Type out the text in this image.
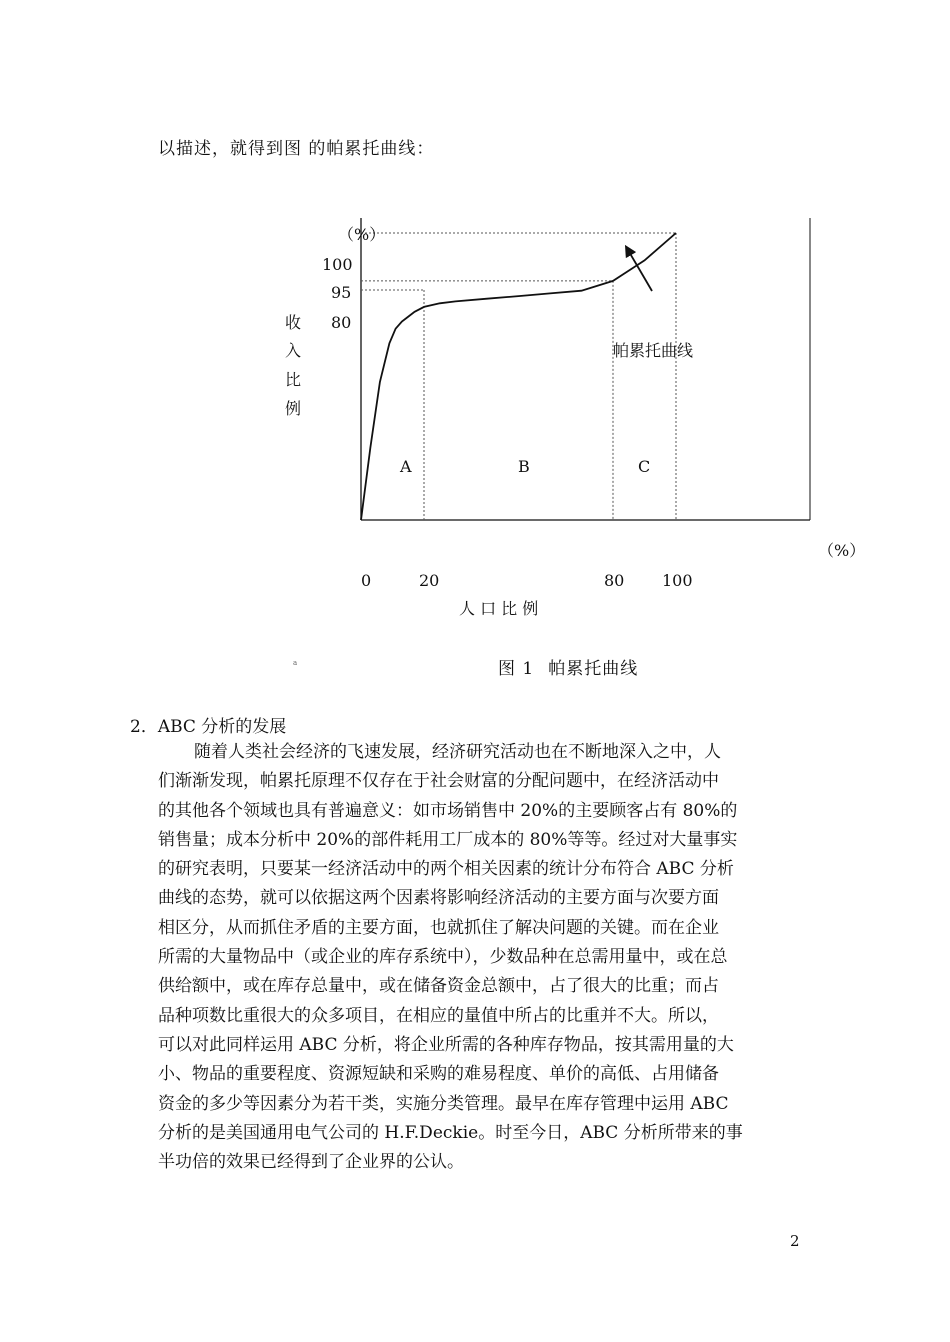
以描述，就得到图 的帕累托曲线：
（%）
100
95
80
收
入
比
例
A	B	C
帕累托曲线
（%）
0	20	80 100
人 口 比 例
a	图 1 帕累托曲线
2．ABC 分析的发展
随着人类社会经济的飞速发展，经济研究活动也在不断地深入之中，人
们渐渐发现，帕累托原理不仅存在于社会财富的分配问题中，在经济活动中
的其他各个领域也具有普遍意义：如市场销售中 20%的主要顾客占有 80%的
销售量；成本分析中 20%的部件耗用工厂成本的 80%等等。经过对大量事实
的研究表明，只要某一经济活动中的两个相关因素的统计分布符合 ABC 分析
曲线的态势，就可以依据这两个因素将影响经济活动的主要方面与次要方面
相区分，从而抓住矛盾的主要方面，也就抓住了解决问题的关键。而在企业
所需的大量物品中（或企业的库存系统中），少数品种在总需用量中，或在总
供给额中，或在库存总量中，或在储备资金总额中，占了很大的比重；而占
品种项数比重很大的众多项目，在相应的量值中所占的比重并不大。所以，
可以对此同样运用 ABC 分析，将企业所需的各种库存物品，按其需用量的大
小、物品的重要程度、资源短缺和采购的难易程度、单价的高低、占用储备
资金的多少等因素分为若干类，实施分类管理。最早在库存管理中运用 ABC
分析的是美国通用电气公司的 H.F.Deckie。时至今日，ABC 分析所带来的事
半功倍的效果已经得到了企业界的公认。
2
